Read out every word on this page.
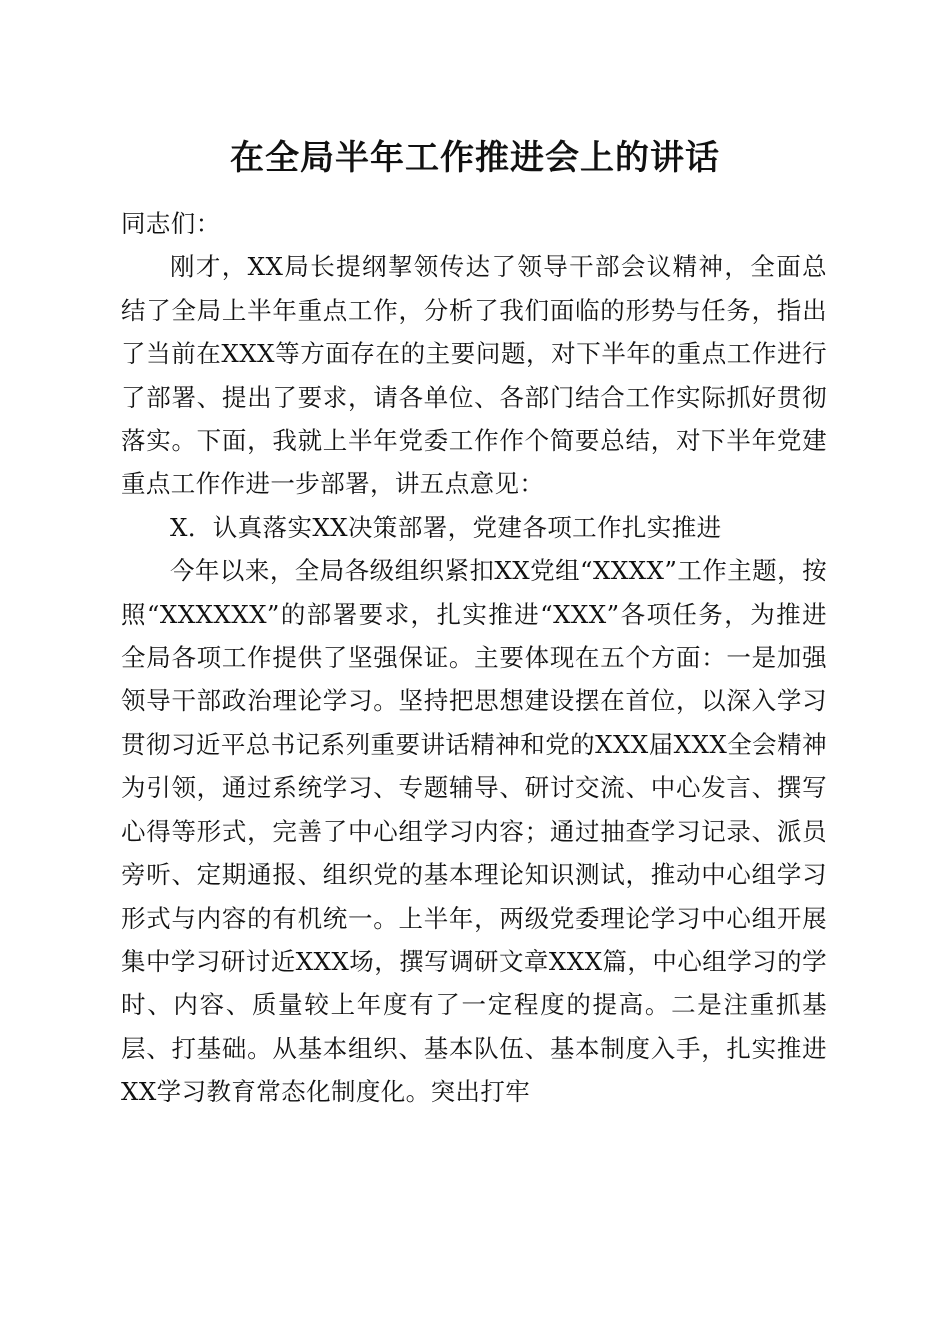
在全局半年工作推进会上的讲话

同志们：

刚才，XX局长提纲挈领传达了领导干部会议精神，全面总结了全局上半年重点工作，分析了我们面临的形势与任务，指出了当前在XXX等方面存在的主要问题，对下半年的重点工作进行了部署、提出了要求，请各单位、各部门结合工作实际抓好贯彻落实。下面，我就上半年党委工作作个简要总结，对下半年党建重点工作作进一步部署，讲五点意见：

X．认真落实XX决策部署，党建各项工作扎实推进

今年以来，全局各级组织紧扣XX党组“XXXX”工作主题，按照“XXXXXX”的部署要求，扎实推进“XXX”各项任务，为推进全局各项工作提供了坚强保证。主要体现在五个方面：一是加强领导干部政治理论学习。坚持把思想建设摆在首位，以深入学习贯彻习近平总书记系列重要讲话精神和党的XXX届XXX全会精神为引领，通过系统学习、专题辅导、研讨交流、中心发言、撰写心得等形式，完善了中心组学习内容；通过抽查学习记录、派员旁听、定期通报、组织党的基本理论知识测试，推动中心组学习形式与内容的有机统一。上半年，两级党委理论学习中心组开展集中学习研讨近XXX场，撰写调研文章XXX篇，中心组学习的学时、内容、质量较上年度有了一定程度的提高。二是注重抓基层、打基础。从基本组织、基本队伍、基本制度入手，扎实推进XX学习教育常态化制度化。突出打牢
